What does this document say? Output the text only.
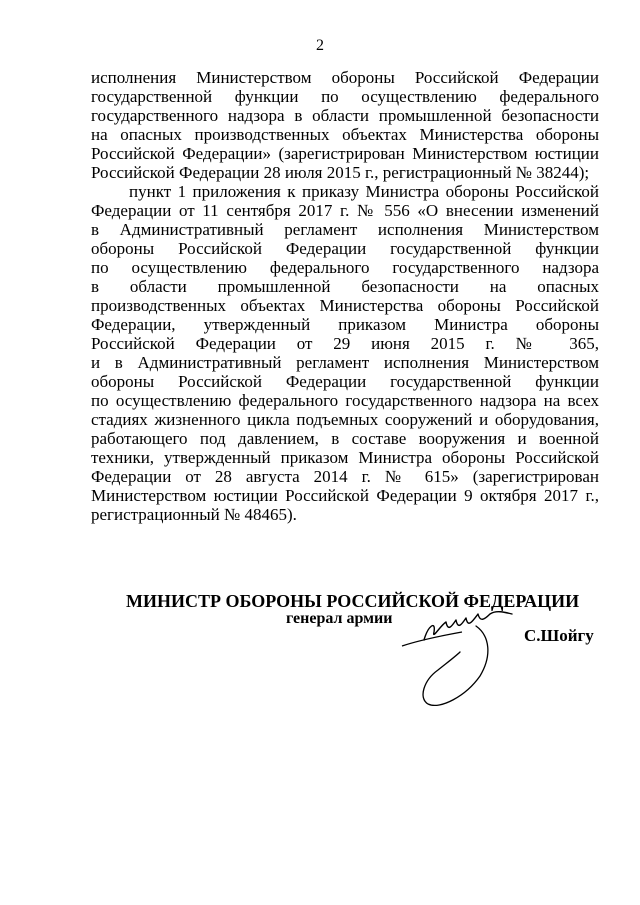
2
исполнения Министерством обороны Российской Федерации
государственной функции по осуществлению федерального
государственного надзора в области промышленной безопасности
на опасных производственных объектах Министерства обороны
Российской Федерации» (зарегистрирован Министерством юстиции
Российской Федерации 28 июля 2015 г., регистрационный № 38244);
пункт 1 приложения к приказу Министра обороны Российской
Федерации от 11 сентября 2017 г. № 556 «О внесении изменений
в Административный регламент исполнения Министерством
обороны Российской Федерации государственной функции
по осуществлению федерального государственного надзора
в области промышленной безопасности на опасных
производственных объектах Министерства обороны Российской
Федерации, утвержденный приказом Министра обороны
Российской Федерации от 29 июня 2015 г. № 365,
и в Административный регламент исполнения Министерством
обороны Российской Федерации государственной функции
по осуществлению федерального государственного надзора на всех
стадиях жизненного цикла подъемных сооружений и оборудования,
работающего под давлением, в составе вооружения и военной
техники, утвержденный приказом Министра обороны Российской
Федерации от 28 августа 2014 г. № 615» (зарегистрирован
Министерством юстиции Российской Федерации 9 октября 2017 г.,
регистрационный № 48465).
МИНИСТР ОБОРОНЫ РОССИЙСКОЙ ФЕДЕРАЦИИ
генерал армии
С.Шойгу
